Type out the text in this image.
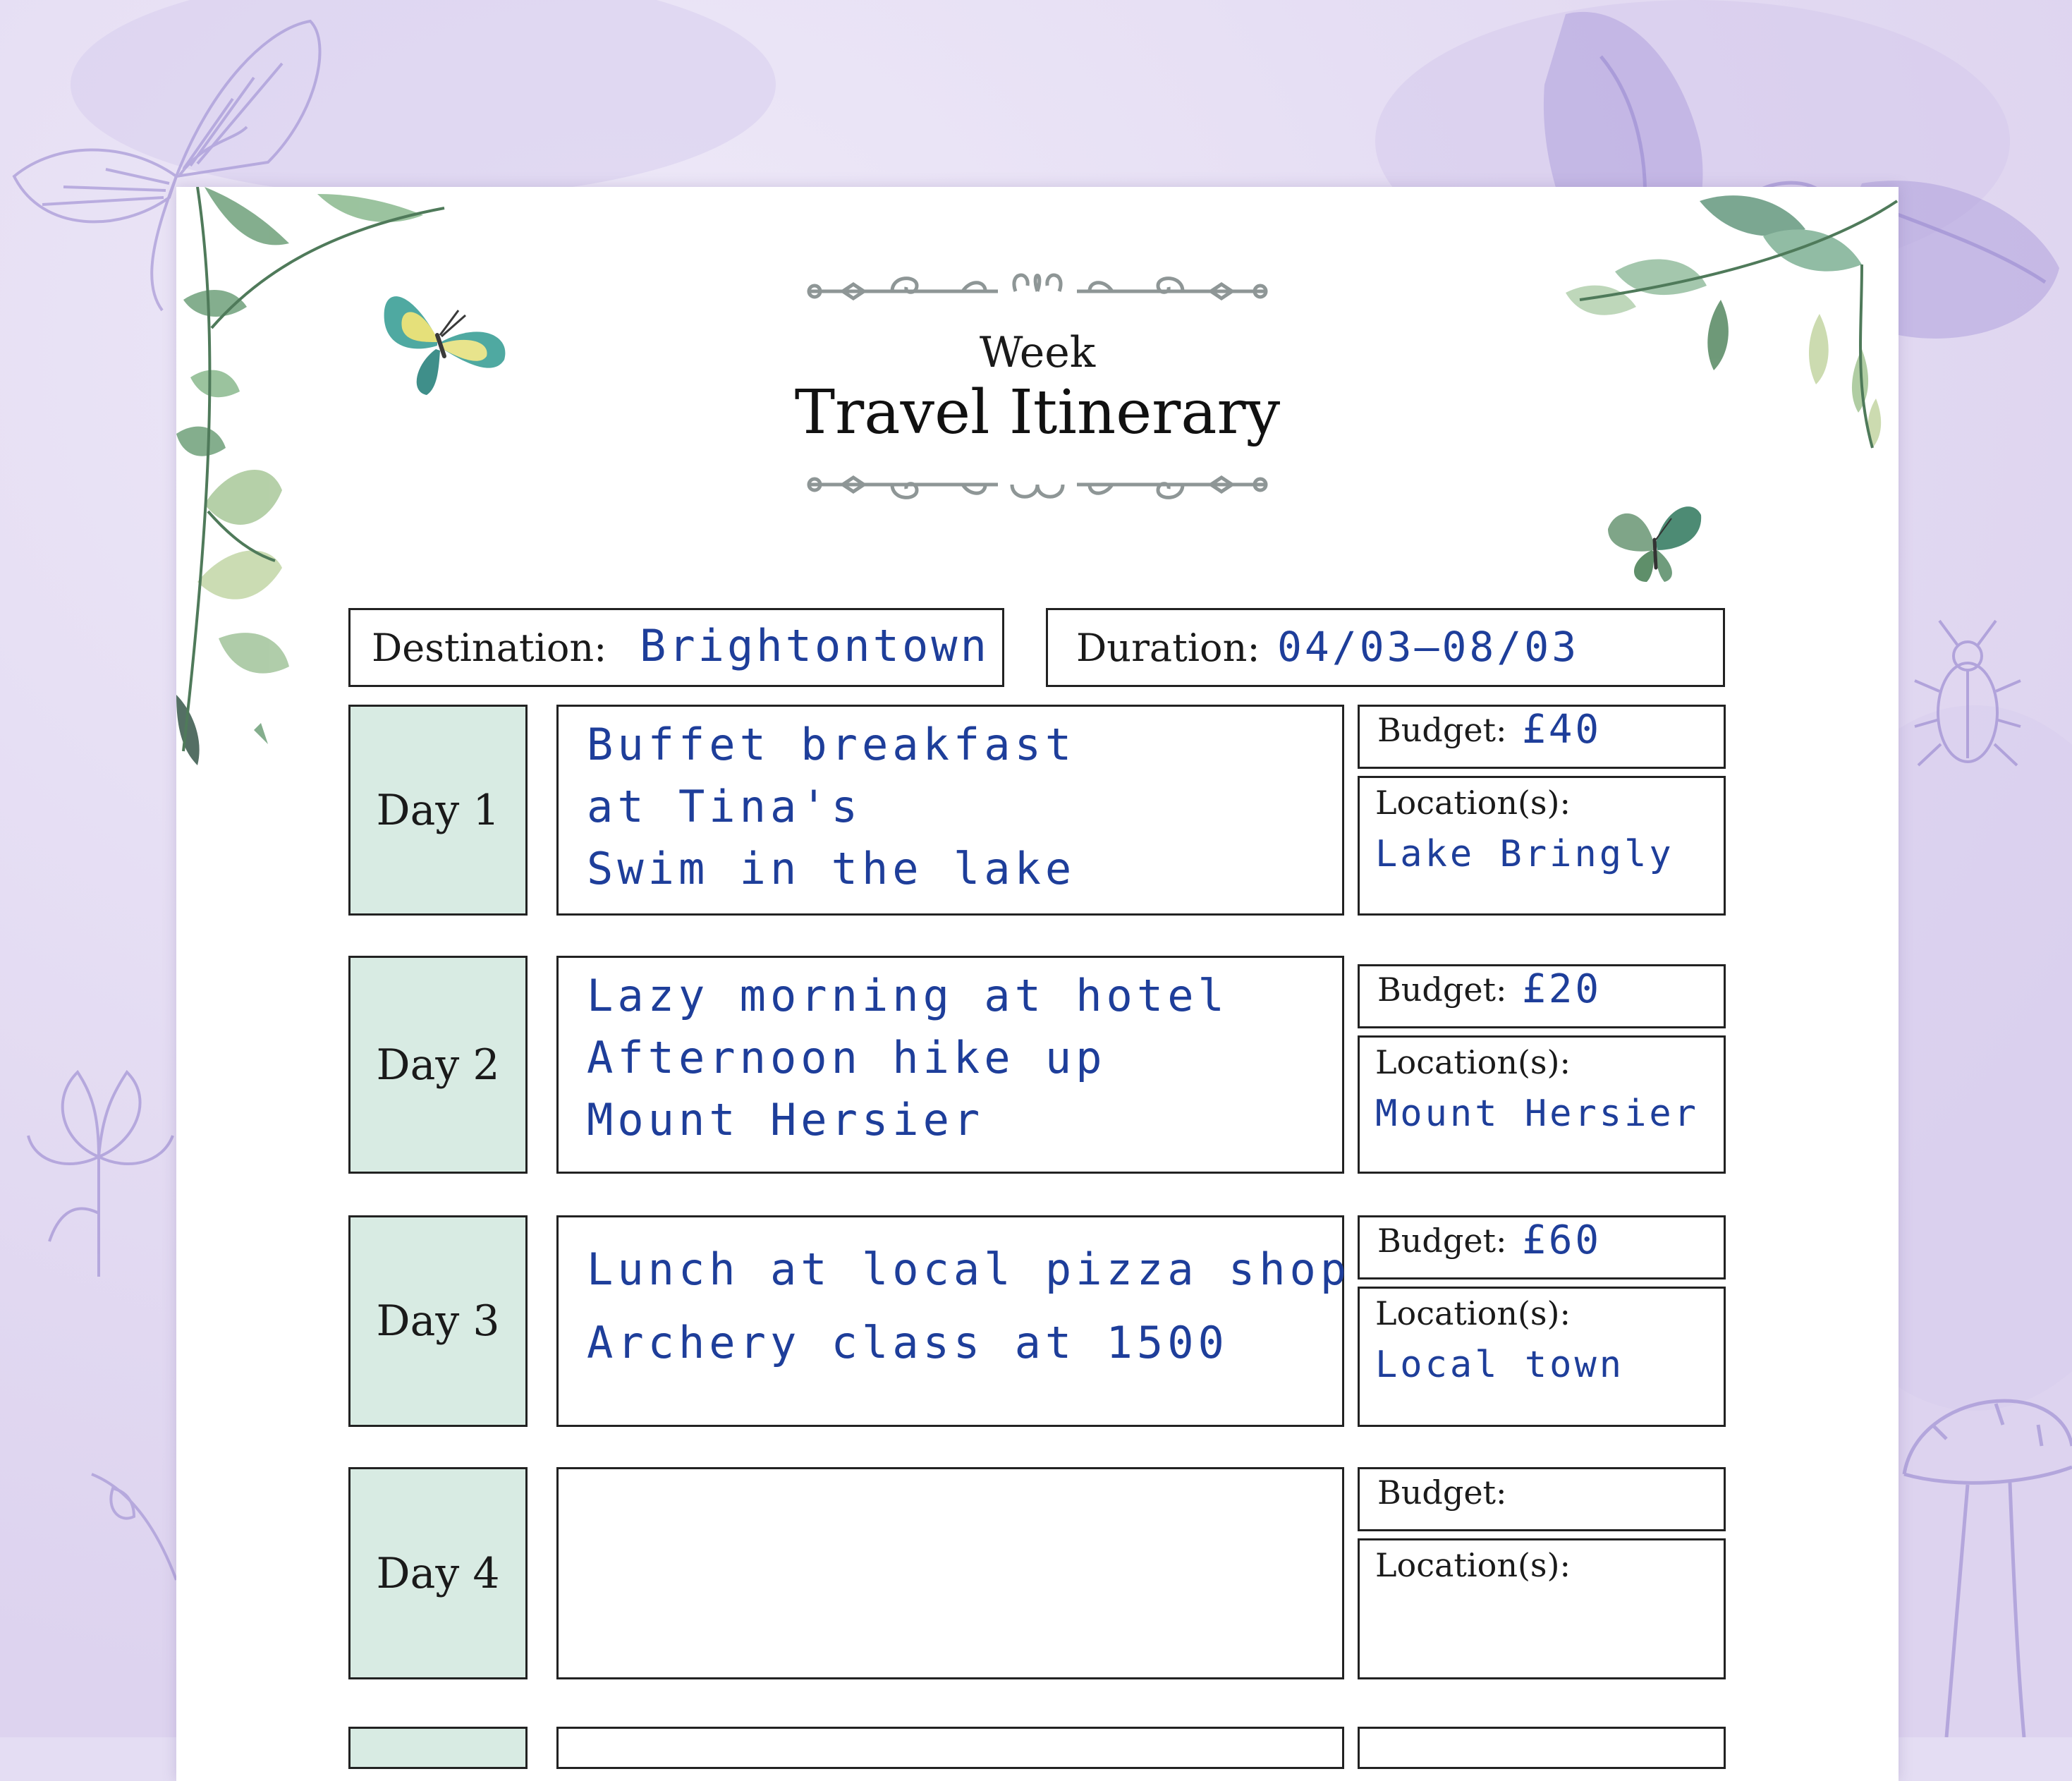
Week
Travel Itinerary
Destination: Brightontown Duration: 04/03—08/03
Day 1
Buffet breakfast
at Tina's
Swim in the lake
Budget: £40
Location(s):
Lake Bringly
Day 2
Lazy morning at hotel
Afternoon hike up
Mount Hersier
Budget: £20
Location(s):
Mount Hersier
Day 3
Lunch at local pizza shop
Archery class at 1500
Budget: £60
Location(s):
Local town
Day 4
Budget:
Location(s):
